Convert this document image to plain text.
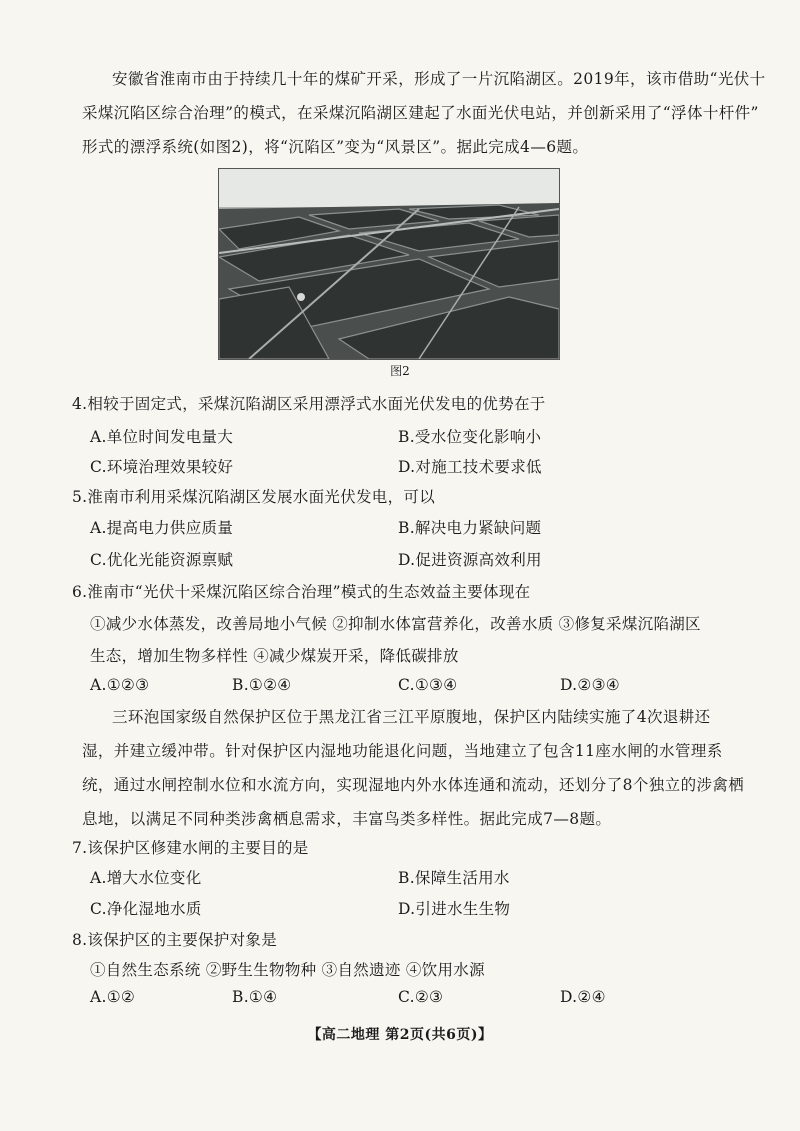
安徽省淮南市由于持续几十年的煤矿开采，形成了一片沉陷湖区。2019年，该市借助“光伏十
采煤沉陷区综合治理”的模式，在采煤沉陷湖区建起了水面光伏电站，并创新采用了“浮体十杆件”
形式的漂浮系统(如图2)，将“沉陷区”变为“风景区”。据此完成4—6题。
图2
4.相较于固定式，采煤沉陷湖区采用漂浮式水面光伏发电的优势在于
A.单位时间发电量大	B.受水位变化影响小
C.环境治理效果较好	D.对施工技术要求低
5.淮南市利用采煤沉陷湖区发展水面光伏发电，可以
A.提高电力供应质量	B.解决电力紧缺问题
C.优化光能资源禀赋	D.促进资源高效利用
6.淮南市“光伏十采煤沉陷区综合治理”模式的生态效益主要体现在
①减少水体蒸发，改善局地小气候 ②抑制水体富营养化，改善水质 ③修复采煤沉陷湖区
生态，增加生物多样性 ④减少煤炭开采，降低碳排放
A.①②③	B.①②④	C.①③④	D.②③④
三环泡国家级自然保护区位于黑龙江省三江平原腹地，保护区内陆续实施了4次退耕还
湿，并建立缓冲带。针对保护区内湿地功能退化问题，当地建立了包含11座水闸的水管理系
统，通过水闸控制水位和水流方向，实现湿地内外水体连通和流动，还划分了8个独立的涉禽栖
息地，以满足不同种类涉禽栖息需求，丰富鸟类多样性。据此完成7—8题。
7.该保护区修建水闸的主要目的是
A.增大水位变化	B.保障生活用水
C.净化湿地水质	D.引进水生生物
8.该保护区的主要保护对象是
①自然生态系统 ②野生生物物种 ③自然遗迹 ④饮用水源
A.①②	B.①④	C.②③	D.②④
【高二地理 第2页(共6页)】
